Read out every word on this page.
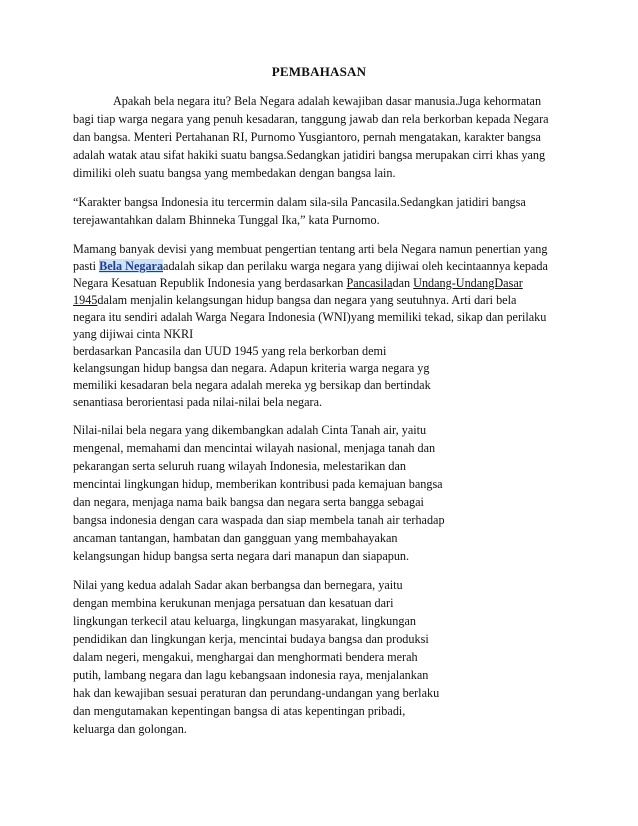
PEMBAHASAN
Apakah bela negara itu? Bela Negara adalah kewajiban dasar manusia.Juga kehormatan
bagi tiap warga negara yang penuh kesadaran, tanggung jawab dan rela berkorban kepada Negara
dan bangsa. Menteri Pertahanan RI, Purnomo Yusgiantoro, pernah mengatakan, karakter bangsa
adalah watak atau sifat hakiki suatu bangsa.Sedangkan jatidiri bangsa merupakan cirri khas yang
dimiliki oleh suatu bangsa yang membedakan dengan bangsa lain.
“Karakter bangsa Indonesia itu tercermin dalam sila-sila Pancasila.Sedangkan jatidiri bangsa
terejawantahkan dalam Bhinneka Tunggal Ika,” kata Purnomo.
Mamang banyak devisi yang membuat pengertian tentang arti bela Negara namun penertian yang
pasti Bela Negaraadalah sikap dan perilaku warga negara yang dijiwai oleh kecintaannya kepada
Negara Kesatuan Republik Indonesia yang berdasarkan Pancasiladan Undang-UndangDasar
1945dalam menjalin kelangsungan hidup bangsa dan negara yang seutuhnya. Arti dari bela
negara itu sendiri adalah Warga Negara Indonesia (WNI)yang memiliki tekad, sikap dan perilaku
yang dijiwai cinta NKRI
berdasarkan Pancasila dan UUD 1945 yang rela berkorban demi
kelangsungan hidup bangsa dan negara. Adapun kriteria warga negara yg
memiliki kesadaran bela negara adalah mereka yg bersikap dan bertindak
senantiasa berorientasi pada nilai-nilai bela negara.
Nilai-nilai bela negara yang dikembangkan adalah Cinta Tanah air, yaitu
mengenal, memahami dan mencintai wilayah nasional, menjaga tanah dan
pekarangan serta seluruh ruang wilayah Indonesia, melestarikan dan
mencintai lingkungan hidup, memberikan kontribusi pada kemajuan bangsa
dan negara, menjaga nama baik bangsa dan negara serta bangga sebagai
bangsa indonesia dengan cara waspada dan siap membela tanah air terhadap
ancaman tantangan, hambatan dan gangguan yang membahayakan
kelangsungan hidup bangsa serta negara dari manapun dan siapapun.
Nilai yang kedua adalah Sadar akan berbangsa dan bernegara, yaitu
dengan membina kerukunan menjaga persatuan dan kesatuan dari
lingkungan terkecil atau keluarga, lingkungan masyarakat, lingkungan
pendidikan dan lingkungan kerja, mencintai budaya bangsa dan produksi
dalam negeri, mengakui, menghargai dan menghormati bendera merah
putih, lambang negara dan lagu kebangsaan indonesia raya, menjalankan
hak dan kewajiban sesuai peraturan dan perundang-undangan yang berlaku
dan mengutamakan kepentingan bangsa di atas kepentingan pribadi,
keluarga dan golongan.
